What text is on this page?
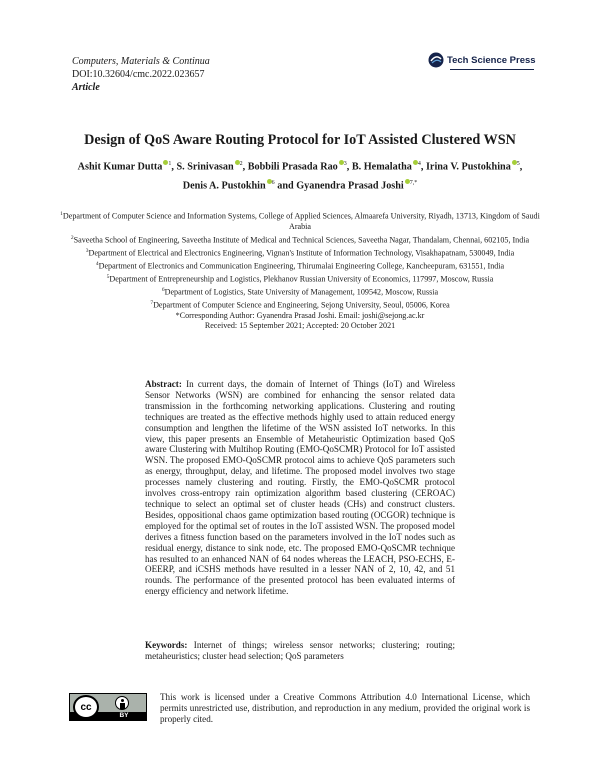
Computers, Materials & Continua
DOI:10.32604/cmc.2022.023657
Article
Tech Science Press
Design of QoS Aware Routing Protocol for IoT Assisted Clustered WSN
Ashit Kumar Dutta $^1$, S. Srinivasan $^2$, Bobbili Prasada Rao $^3$, B. Hemalatha $^4$, Irina V. Pustokhina $^5$,
Denis A. Pustokhin $^6$ and Gyanendra Prasad Joshi $^{7,*}$
$^1$Department of Computer Science and Information Systems, College of Applied Sciences, Almaarefa University, Riyadh, 13713, Kingdom of Saudi Arabia
$^2$Saveetha School of Engineering, Saveetha Institute of Medical and Technical Sciences, Saveetha Nagar, Thandalam, Chennai, 602105, India
$^3$Department of Electrical and Electronics Engineering, Vignan's Institute of Information Technology, Visakhapatnam, 530049, India
$^4$Department of Electronics and Communication Engineering, Thirumalai Engineering College, Kancheepuram, 631551, India
$^5$Department of Entrepreneurship and Logistics, Plekhanov Russian University of Economics, 117997, Moscow, Russia
$^6$Department of Logistics, State University of Management, 109542, Moscow, Russia
$^7$Department of Computer Science and Engineering, Sejong University, Seoul, 05006, Korea
*Corresponding Author: Gyanendra Prasad Joshi. Email: joshi@sejong.ac.kr
Received: 15 September 2021; Accepted: 20 October 2021
Abstract: In current days, the domain of Internet of Things (IoT) and Wireless Sensor Networks (WSN) are combined for enhancing the sensor related data transmission in the forthcoming networking applications. Clustering and routing techniques are treated as the effective methods highly used to attain reduced energy consumption and lengthen the lifetime of the WSN assisted IoT networks. In this view, this paper presents an Ensemble of Metaheuristic Optimization based QoS aware Clustering with Multihop Routing (EMO-QoSCMR) Protocol for IoT assisted WSN. The proposed EMO-QoSCMR protocol aims to achieve QoS parameters such as energy, throughput, delay, and lifetime. The proposed model involves two stage processes namely clustering and routing. Firstly, the EMO-QoSCMR protocol involves cross-entropy rain optimization algorithm based clustering (CEROAC) technique to select an optimal set of cluster heads (CHs) and construct clusters. Besides, oppositional chaos game optimization based routing (OCGOR) technique is employed for the optimal set of routes in the IoT assisted WSN. The proposed model derives a fitness function based on the parameters involved in the IoT nodes such as residual energy, distance to sink node, etc. The proposed EMO-QoSCMR technique has resulted to an enhanced NAN of 64 nodes whereas the LEACH, PSO-ECHS, E-OEERP, and iCSHS methods have resulted in a lesser NAN of 2, 10, 42, and 51 rounds. The performance of the presented protocol has been evaluated interms of energy efficiency and network lifetime.
Keywords: Internet of things; wireless sensor networks; clustering; routing; metaheuristics; cluster head selection; QoS parameters
cc
BY
This work is licensed under a Creative Commons Attribution 4.0 International License, which permits unrestricted use, distribution, and reproduction in any medium, provided the original work is properly cited.
